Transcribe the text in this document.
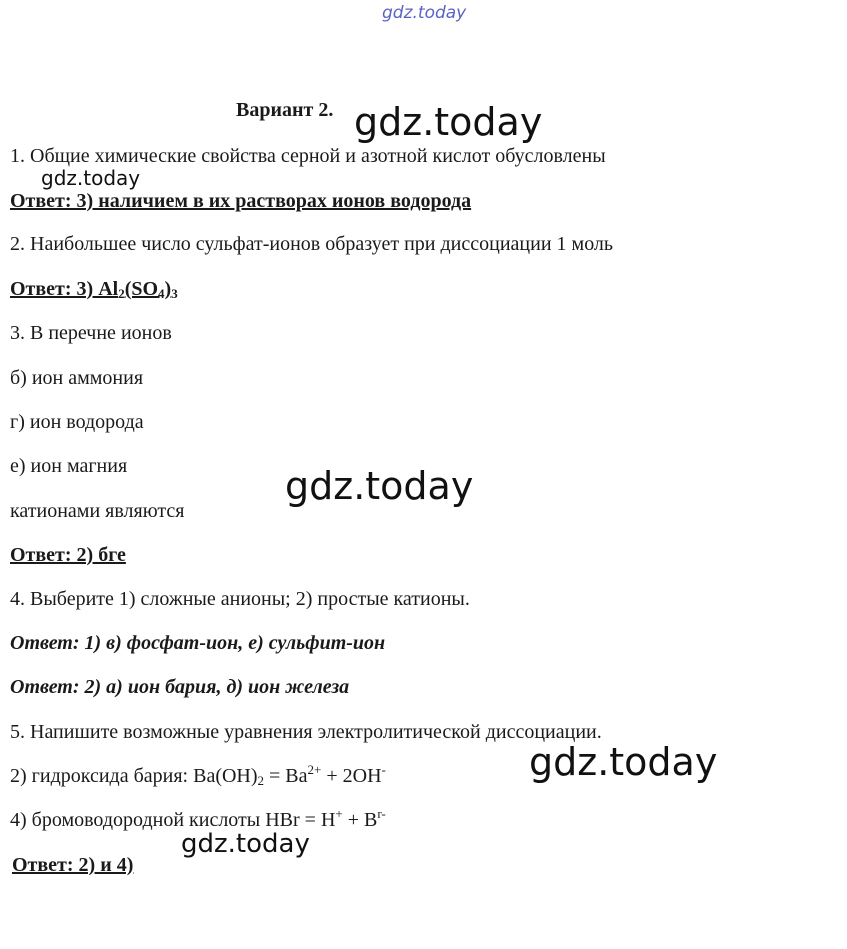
gdz.today
gdz.today
gdz.today
gdz.today
gdz.today
gdz.today
Вариант 2.
1. Общие химические свойства серной и азотной кислот обусловлены
Ответ: 3) наличием в их растворах ионов водорода
2. Наибольшее число сульфат-ионов образует при диссоциации 1 моль
Ответ: 3) $Al_2(SO_4)_3$
3. В перечне ионов
б) ион аммония
г) ион водорода
е) ион магния
катионами являются
Ответ: 2) бге
4. Выберите 1) сложные анионы; 2) простые катионы.
Ответ: 1) в) фосфат-ион, е) сульфит-ион
Ответ: 2) а) ион бария, д) ион железа
5. Напишите возможные уравнения электролитической диссоциации.
2) гидроксида бария: $Ba(OH)_2 = Ba^{2+} + 2OH^-$
4) бромоводородной кислоты HBr = $H^+ + B^{r-}$
Ответ: 2) и 4)
